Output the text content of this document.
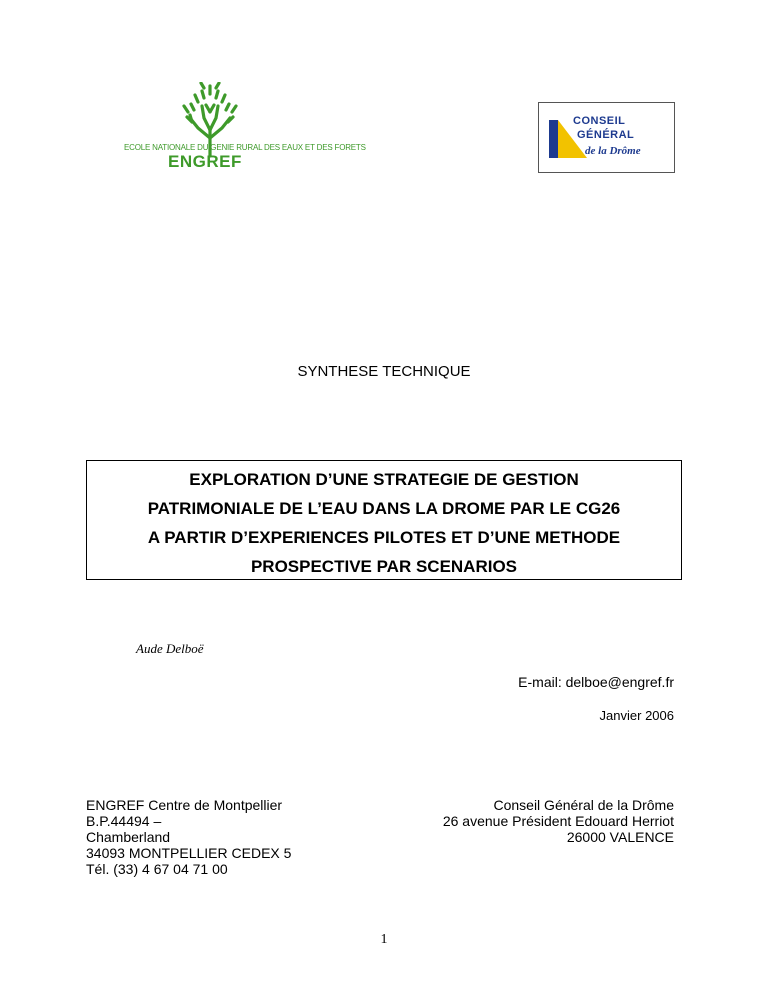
ECOLE NATIONALE DU GENIE RURAL DES EAUX ET DES FORETS
ENGREF
CONSEIL
GÉNÉRAL
de la Drôme
SYNTHESE TECHNIQUE
EXPLORATION D’UNE STRATEGIE DE GESTION
PATRIMONIALE DE L’EAU DANS LA DROME PAR LE CG26
A PARTIR D’EXPERIENCES PILOTES ET D’UNE METHODE
PROSPECTIVE PAR SCENARIOS
Aude Delboë
E-mail: delboe@engref.fr
Janvier 2006
ENGREF Centre de Montpellier
B.P.44494 –
Chamberland
34093 MONTPELLIER CEDEX 5
Tél. (33) 4 67 04 71 00
Conseil Général de la Drôme
26 avenue Président Edouard Herriot
26000 VALENCE
1
